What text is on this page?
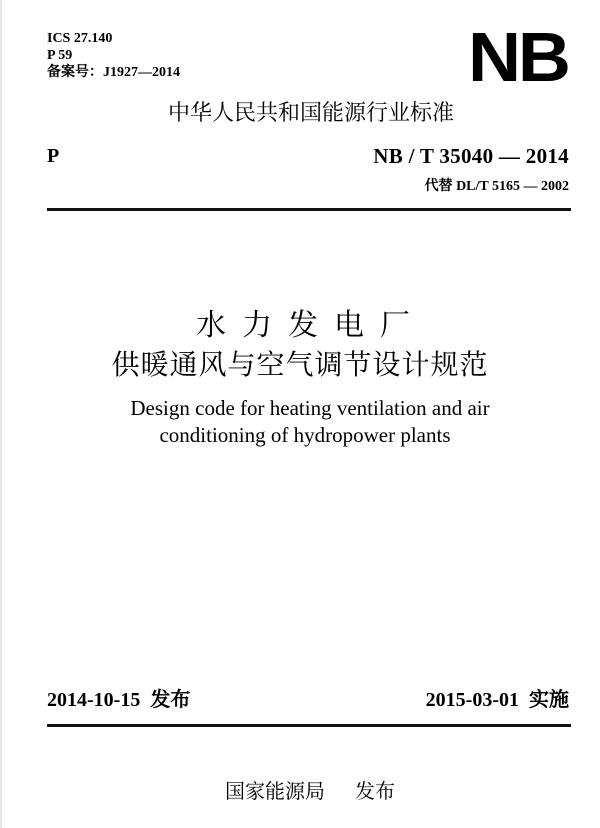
ICS 27.140
P 59
备案号：J1927—2014	NB
中华人民共和国能源行业标准
P	NB / T 35040 — 2014
代替 DL/T 5165 — 2002
水力发电厂
供暖通风与空气调节设计规范
Design code for heating ventilation and air
conditioning of hydropower plants
2014-10-15 发布	2015-03-01 实施
国家能源局 发布
